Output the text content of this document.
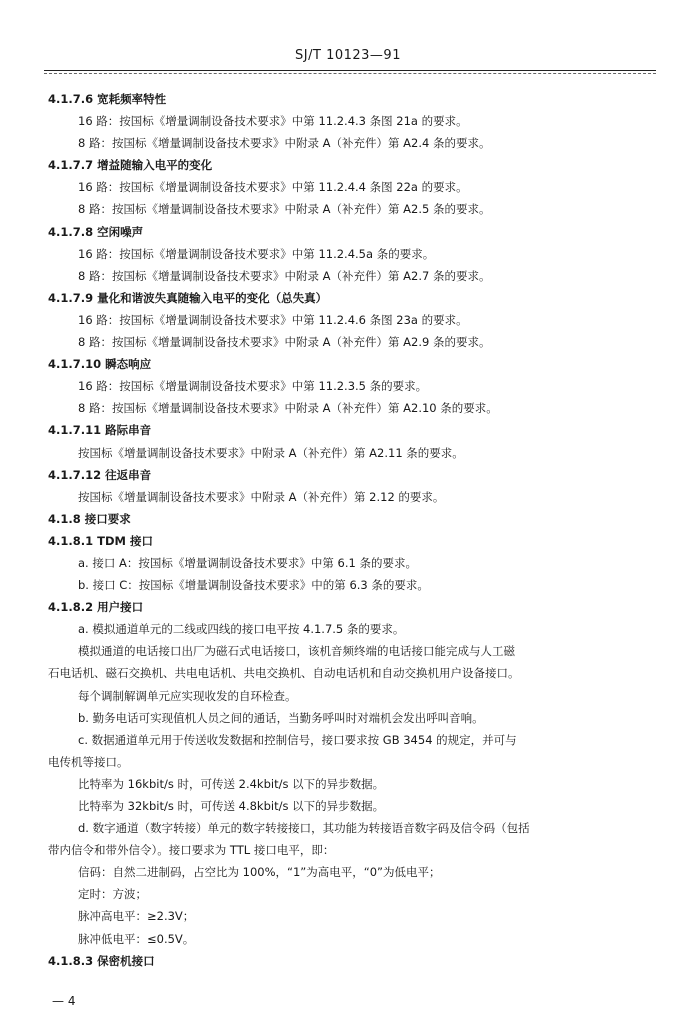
SJ/T 10123—91
4.1.7.6 宽耗频率特性
16 路：按国标《增量调制设备技术要求》中第 11.2.4.3 条图 21a 的要求。
8 路：按国标《增量调制设备技术要求》中附录 A（补充件）第 A2.4 条的要求。
4.1.7.7 增益随输入电平的变化
16 路：按国标《增量调制设备技术要求》中第 11.2.4.4 条图 22a 的要求。
8 路：按国标《增量调制设备技术要求》中附录 A（补充件）第 A2.5 条的要求。
4.1.7.8 空闲噪声
16 路：按国标《增量调制设备技术要求》中第 11.2.4.5a 条的要求。
8 路：按国标《增量调制设备技术要求》中附录 A（补充件）第 A2.7 条的要求。
4.1.7.9 量化和谐波失真随输入电平的变化（总失真）
16 路：按国标《增量调制设备技术要求》中第 11.2.4.6 条图 23a 的要求。
8 路：按国标《增量调制设备技术要求》中附录 A（补充件）第 A2.9 条的要求。
4.1.7.10 瞬态响应
16 路：按国标《增量调制设备技术要求》中第 11.2.3.5 条的要求。
8 路：按国标《增量调制设备技术要求》中附录 A（补充件）第 A2.10 条的要求。
4.1.7.11 路际串音
按国标《增量调制设备技术要求》中附录 A（补充件）第 A2.11 条的要求。
4.1.7.12 往返串音
按国标《增量调制设备技术要求》中附录 A（补充件）第 2.12 的要求。
4.1.8 接口要求
4.1.8.1 TDM 接口
a. 接口 A：按国标《增量调制设备技术要求》中第 6.1 条的要求。
b. 接口 C：按国标《增量调制设备技术要求》中的第 6.3 条的要求。
4.1.8.2 用户接口
a. 模拟通道单元的二线或四线的接口电平按 4.1.7.5 条的要求。
模拟通道的电话接口出厂为磁石式电话接口，该机音频终端的电话接口能完成与人工磁
石电话机、磁石交换机、共电电话机、共电交换机、自动电话机和自动交换机用户设备接口。
每个调制解调单元应实现收发的自环检查。
b. 勤务电话可实现值机人员之间的通话，当勤务呼叫时对端机会发出呼叫音响。
c. 数据通道单元用于传送收发数据和控制信号，接口要求按 GB 3454 的规定，并可与
电传机等接口。
比特率为 16kbit/s 时，可传送 2.4kbit/s 以下的异步数据。
比特率为 32kbit/s 时，可传送 4.8kbit/s 以下的异步数据。
d. 数字通道（数字转接）单元的数字转接接口，其功能为转接语音数字码及信令码（包括
带内信令和带外信令）。接口要求为 TTL 接口电平，即：
信码：自然二进制码，占空比为 100%，“1”为高电平，“0”为低电平；
定时：方波；
脉冲高电平：≥2.3V；
脉冲低电平：≤0.5V。
4.1.8.3 保密机接口
— 4
